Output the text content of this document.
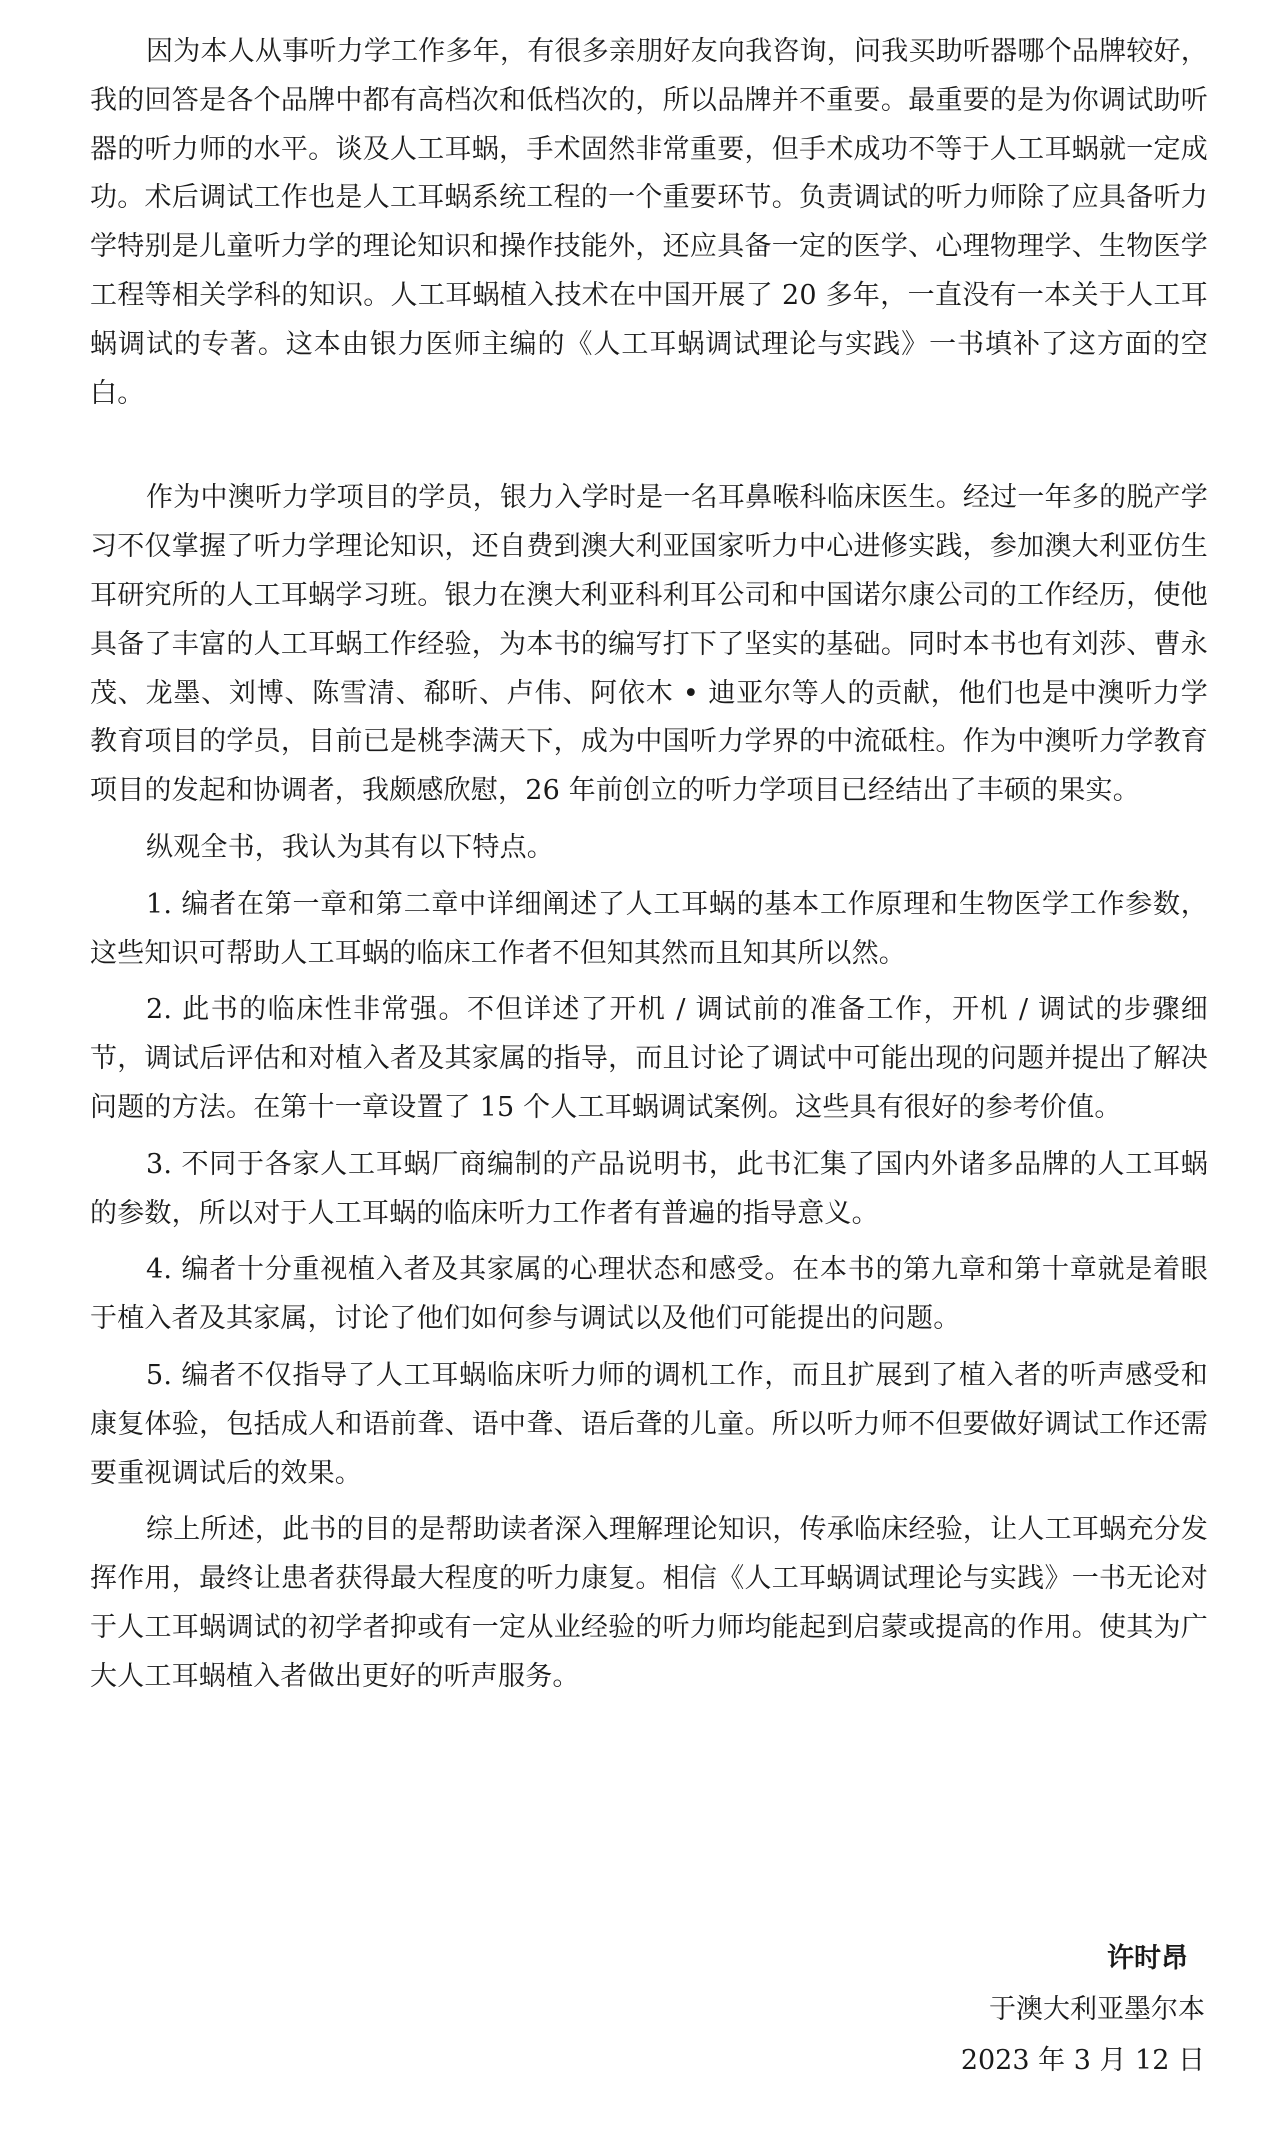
因为本人从事听力学工作多年，有很多亲朋好友向我咨询，问我买助听器哪个品牌较好，我的回答是各个品牌中都有高档次和低档次的，所以品牌并不重要。最重要的是为你调试助听器的听力师的水平。谈及人工耳蜗，手术固然非常重要，但手术成功不等于人工耳蜗就一定成功。术后调试工作也是人工耳蜗系统工程的一个重要环节。负责调试的听力师除了应具备听力学特别是儿童听力学的理论知识和操作技能外，还应具备一定的医学、心理物理学、生物医学工程等相关学科的知识。人工耳蜗植入技术在中国开展了 20 多年，一直没有一本关于人工耳蜗调试的专著。这本由银力医师主编的《人工耳蜗调试理论与实践》一书填补了这方面的空白。

作为中澳听力学项目的学员，银力入学时是一名耳鼻喉科临床医生。经过一年多的脱产学习不仅掌握了听力学理论知识，还自费到澳大利亚国家听力中心进修实践，参加澳大利亚仿生耳研究所的人工耳蜗学习班。银力在澳大利亚科利耳公司和中国诺尔康公司的工作经历，使他具备了丰富的人工耳蜗工作经验，为本书的编写打下了坚实的基础。同时本书也有刘莎、曹永茂、龙墨、刘博、陈雪清、郗昕、卢伟、阿依木 • 迪亚尔等人的贡献，他们也是中澳听力学教育项目的学员，目前已是桃李满天下，成为中国听力学界的中流砥柱。作为中澳听力学教育项目的发起和协调者，我颇感欣慰，26 年前创立的听力学项目已经结出了丰硕的果实。

纵观全书，我认为其有以下特点。

1. 编者在第一章和第二章中详细阐述了人工耳蜗的基本工作原理和生物医学工作参数，这些知识可帮助人工耳蜗的临床工作者不但知其然而且知其所以然。

2. 此书的临床性非常强。不但详述了开机 / 调试前的准备工作，开机 / 调试的步骤细节，调试后评估和对植入者及其家属的指导，而且讨论了调试中可能出现的问题并提出了解决问题的方法。在第十一章设置了 15 个人工耳蜗调试案例。这些具有很好的参考价值。

3. 不同于各家人工耳蜗厂商编制的产品说明书，此书汇集了国内外诸多品牌的人工耳蜗的参数，所以对于人工耳蜗的临床听力工作者有普遍的指导意义。

4. 编者十分重视植入者及其家属的心理状态和感受。在本书的第九章和第十章就是着眼于植入者及其家属，讨论了他们如何参与调试以及他们可能提出的问题。

5. 编者不仅指导了人工耳蜗临床听力师的调机工作，而且扩展到了植入者的听声感受和康复体验，包括成人和语前聋、语中聋、语后聋的儿童。所以听力师不但要做好调试工作还需要重视调试后的效果。

综上所述，此书的目的是帮助读者深入理解理论知识，传承临床经验，让人工耳蜗充分发挥作用，最终让患者获得最大程度的听力康复。相信《人工耳蜗调试理论与实践》一书无论对于人工耳蜗调试的初学者抑或有一定从业经验的听力师均能起到启蒙或提高的作用。使其为广大人工耳蜗植入者做出更好的听声服务。

许时昂
于澳大利亚墨尔本
2023 年 3 月 12 日
